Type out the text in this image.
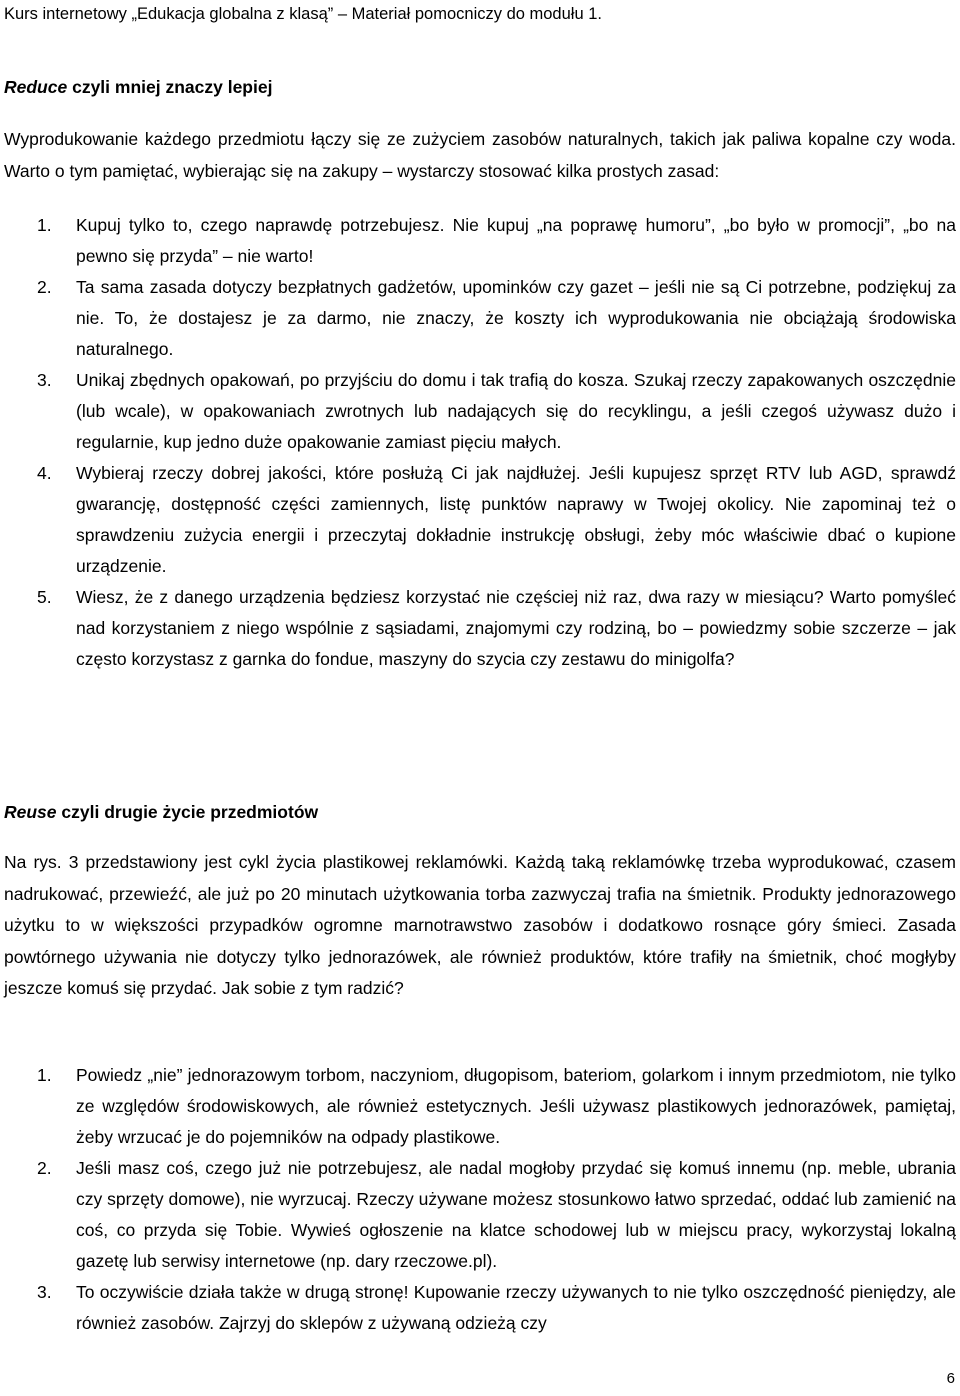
Kurs internetowy „Edukacja globalna z klasą” – Materiał pomocniczy do modułu 1.
Reduce czyli mniej znaczy lepiej
Wyprodukowanie każdego przedmiotu łączy się ze zużyciem zasobów naturalnych, takich jak paliwa kopalne czy woda. Warto o tym pamiętać, wybierając się na zakupy – wystarczy stosować kilka prostych zasad:
1. Kupuj tylko to, czego naprawdę potrzebujesz. Nie kupuj „na poprawę humoru”, „bo było w promocji”, „bo na pewno się przyda” – nie warto!
2. Ta sama zasada dotyczy bezpłatnych gadżetów, upominków czy gazet – jeśli nie są Ci potrzebne, podziękuj za nie. To, że dostajesz je za darmo, nie znaczy, że koszty ich wyprodukowania nie obciążają środowiska naturalnego.
3. Unikaj zbędnych opakowań, po przyjściu do domu i tak trafią do kosza. Szukaj rzeczy zapakowanych oszczędnie (lub wcale), w opakowaniach zwrotnych lub nadających się do recyklingu, a jeśli czegoś używasz dużo i regularnie, kup jedno duże opakowanie zamiast pięciu małych.
4. Wybieraj rzeczy dobrej jakości, które posłużą Ci jak najdłużej. Jeśli kupujesz sprzęt RTV lub AGD, sprawdź gwarancję, dostępność części zamiennych, listę punktów naprawy w Twojej okolicy. Nie zapominaj też o sprawdzeniu zużycia energii i przeczytaj dokładnie instrukcję obsługi, żeby móc właściwie dbać o kupione urządzenie.
5. Wiesz, że z danego urządzenia będziesz korzystać nie częściej niż raz, dwa razy w miesiącu? Warto pomyśleć nad korzystaniem z niego wspólnie z sąsiadami, znajomymi czy rodziną, bo – powiedzmy sobie szczerze – jak często korzystasz z garnka do fondue, maszyny do szycia czy zestawu do minigolfa?
Reuse czyli drugie życie przedmiotów
Na rys. 3 przedstawiony jest cykl życia plastikowej reklamówki. Każdą taką reklamówkę trzeba wyprodukować, czasem nadrukować, przewieźć, ale już po 20 minutach użytkowania torba zazwyczaj trafia na śmietnik. Produkty jednorazowego użytku to w większości przypadków ogromne marnotrawstwo zasobów i dodatkowo rosnące góry śmieci. Zasada powtórnego używania nie dotyczy tylko jednorazówek, ale również produktów, które trafiły na śmietnik, choć mogłyby jeszcze komuś się przydać. Jak sobie z tym radzić?
1. Powiedz „nie” jednorazowym torbom, naczyniom, długopisom, bateriom, golarkom i innym przedmiotom, nie tylko ze względów środowiskowych, ale również estetycznych. Jeśli używasz plastikowych jednorazówek, pamiętaj, żeby wrzucać je do pojemników na odpady plastikowe.
2. Jeśli masz coś, czego już nie potrzebujesz, ale nadal mogłoby przydać się komuś innemu (np. meble, ubrania czy sprzęty domowe), nie wyrzucaj. Rzeczy używane możesz stosunkowo łatwo sprzedać, oddać lub zamienić na coś, co przyda się Tobie. Wywieś ogłoszenie na klatce schodowej lub w miejscu pracy, wykorzystaj lokalną gazetę lub serwisy internetowe (np. dary rzeczowe.pl).
3. To oczywiście działa także w drugą stronę! Kupowanie rzeczy używanych to nie tylko oszczędność pieniędzy, ale również zasobów. Zajrzyj do sklepów z używaną odzieżą czy
6
